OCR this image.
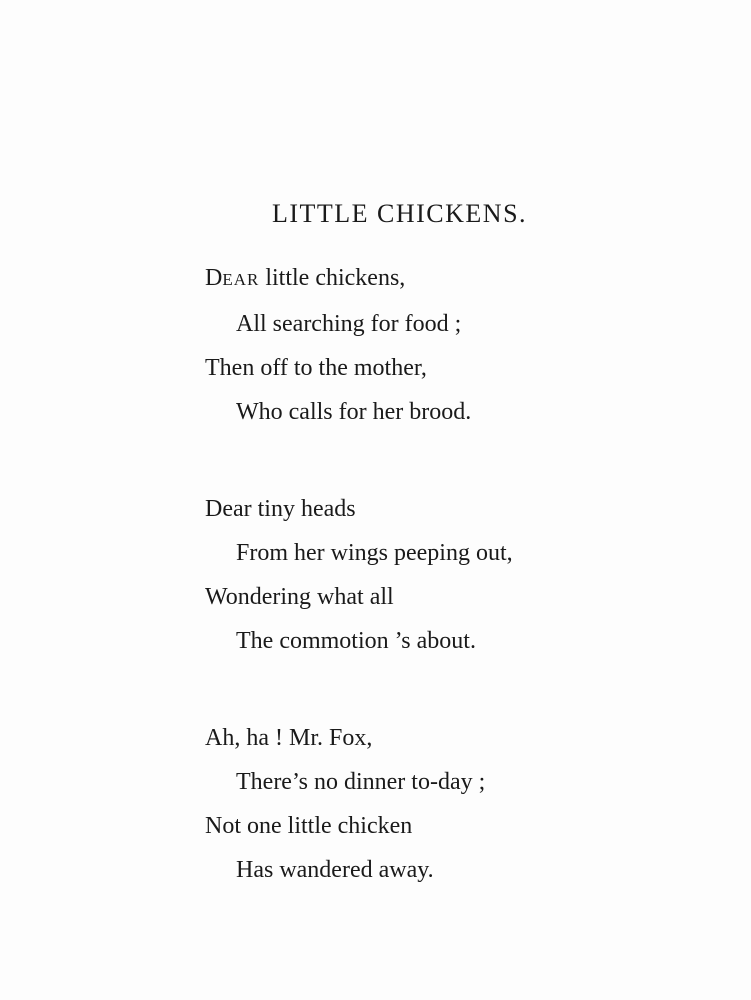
LITTLE CHICKENS.
DEAR little chickens,
All searching for food ;
Then off to the mother,
Who calls for her brood.
Dear tiny heads
From her wings peeping out,
Wondering what all
The commotion ’s about.
Ah, ha ! Mr. Fox,
There’s no dinner to-day ;
Not one little chicken
Has wandered away.
